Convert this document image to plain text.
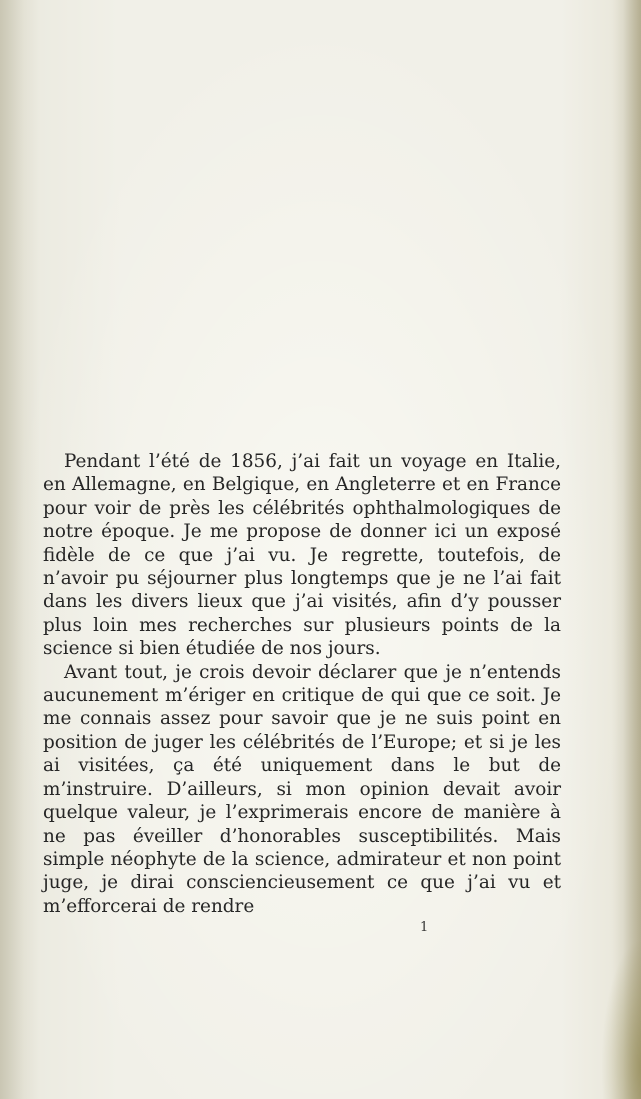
Pendant l’été de 1856, j’ai fait un voyage en Italie, en Allemagne, en Belgique, en Angleterre et en France pour voir de près les célébrités ophthalmologiques de notre époque. Je me propose de donner ici un exposé fidèle de ce que j’ai vu. Je regrette, toutefois, de n’avoir pu séjourner plus longtemps que je ne l’ai fait dans les divers lieux que j’ai visités, afin d’y pousser plus loin mes recherches sur plusieurs points de la science si bien étudiée de nos jours.

Avant tout, je crois devoir déclarer que je n’entends aucunement m’ériger en critique de qui que ce soit. Je me connais assez pour savoir que je ne suis point en position de juger les célébrités de l’Europe; et si je les ai visitées, ça été uniquement dans le but de m’instruire. D’ailleurs, si mon opinion devait avoir quelque valeur, je l’exprimerais encore de manière à ne pas éveiller d’honorables susceptibilités. Mais simple néophyte de la science, admirateur et non point juge, je dirai consciencieusement ce que j’ai vu et m’efforcerai de rendre

1
